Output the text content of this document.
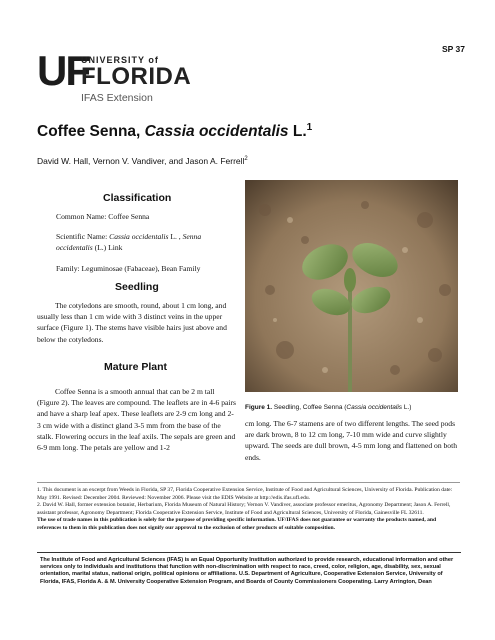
SP 37
UF
UNIVERSITY of
FLORIDA
IFAS Extension
Coffee Senna, Cassia occidentalis L.$^1$
David W. Hall, Vernon V. Vandiver, and Jason A. Ferrell$^2$
Classification
Common Name: Coffee Senna
Scientific Name: Cassia occidentalis L. , Senna occidentalis (L.) Link
Family: Leguminosae (Fabaceae), Bean Family
Seedling
The cotyledons are smooth, round, about 1 cm long, and usually less than 1 cm wide with 3 distinct veins in the upper surface (Figure 1). The stems have visible hairs just above and below the cotyledons.
Mature Plant
Coffee Senna is a smooth annual that can be 2 m tall (Figure 2). The leaves are compound. The leaflets are in 4-6 pairs and have a sharp leaf apex. These leaflets are 2-9 cm long and 2-3 cm wide with a distinct gland 3-5 mm from the base of the stalk. Flowering occurs in the leaf axils. The sepals are green and 6-9 mm long. The petals are yellow and 1-2
Figure 1. Seedling, Coffee Senna (Cassia occidentalis L.)
cm long. The 6-7 stamens are of two different lengths. The seed pods are dark brown, 8 to 12 cm long, 7-10 mm wide and curve slightly upward. The seeds are dull brown, 4-5 mm long and flattened on both ends.
1. This document is an excerpt from Weeds in Florida, SP 37, Florida Cooperative Extension Service, Institute of Food and Agricultural Sciences, University of Florida. Publication date: May 1991. Revised: December 2004. Reviewed: November 2006. Please visit the EDIS Website at http://edis.ifas.ufl.edu.
2. David W. Hall, former extension botanist, Herbarium, Florida Museum of Natural History; Vernon V. Vandiver, associate professor emeritus, Agronomy Department; Jason A. Ferrell, assistant professor, Agronomy Department; Florida Cooperative Extension Service, Institute of Food and Agricultural Sciences, University of Florida, Gainesville FL 32611.
The use of trade names in this publication is solely for the purpose of providing specific information. UF/IFAS does not guarantee or warranty the products named, and references to them in this publication does not signify our approval to the exclusion of other products of suitable composition.
The Institute of Food and Agricultural Sciences (IFAS) is an Equal Opportunity Institution authorized to provide research, educational information and other services only to individuals and institutions that function with non-discrimination with respect to race, creed, color, religion, age, disability, sex, sexual orientation, marital status, national origin, political opinions or affiliations. U.S. Department of Agriculture, Cooperative Extension Service, University of Florida, IFAS, Florida A. & M. University Cooperative Extension Program, and Boards of County Commissioners Cooperating. Larry Arrington, Dean
